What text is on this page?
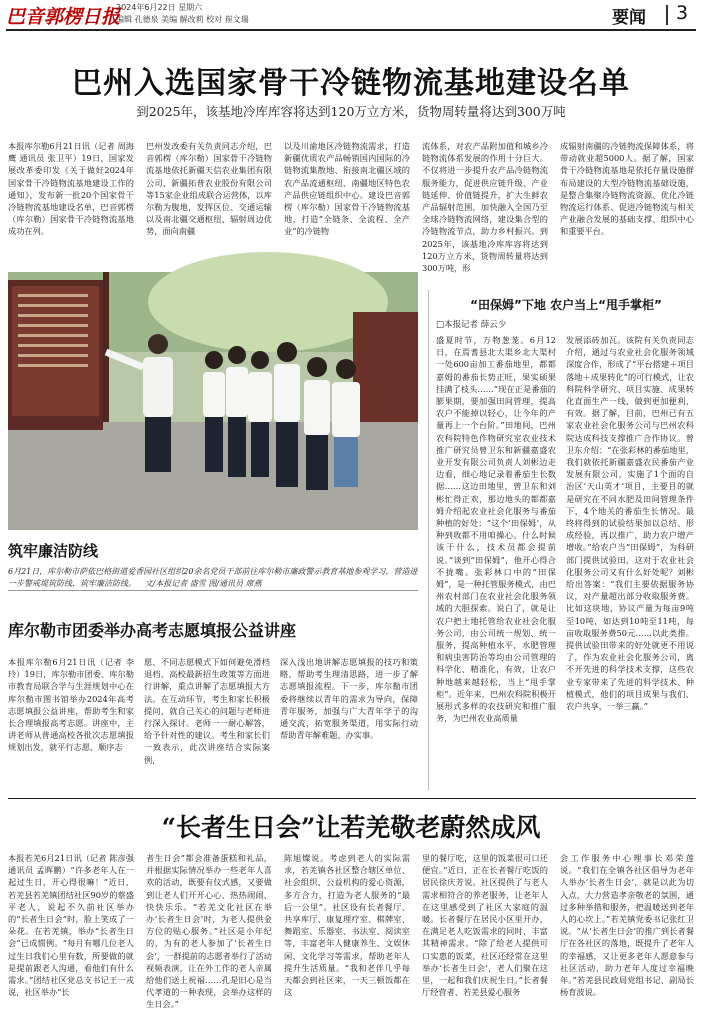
巴音郭楞日报
2024年6月22日 星期六
编辑 孔德泉 美编 解改莉 校对 崔文瑞	要闻 3
巴州入选国家骨干冷链物流基地建设名单
到2025年，该基地冷库库容将达到120万立方米，货物周转量将达到300万吨
本报库尔勒6月21日讯（记者 周海鹰 通讯员 张卫平）19日，国家发展改革委印发《关于做好2024年国家骨干冷链物流基地建设工作的通知》，发布新一批20个国家骨干冷链物流基地建设名单，巴音郭楞（库尔勒）国家骨干冷链物流基地成功在列。
巴州发改委有关负责同志介绍，巴音郭楞（库尔勒）国家骨干冷链物流基地依托新疆天信农业集团有限公司、新疆拓普农业股份有限公司等15家企业组成联合运营体，以库尔勒为腹地，发挥区位、交通运输以及南北疆交通枢纽、辐射周边优势，面向南疆
以及川渝地区冷链物流需求，打造新疆优质农产品畅销国内国际的冷链物流集散地、衔接南北疆区域的农产品流通枢纽、南疆地区特色农产品供应链组织中心。建设巴音郭楞（库尔勒）国家骨干冷链物流基地，打造“全链条、全流程、全产业”的冷链物
流体系，对农产品附加值和城乡冷链物流体系发展的作用十分巨大。不仅将进一步提升农产品冷链物流服务能力，促进供应链升级、产业链延伸、价值链提升，扩大生鲜农产品辐射范围，加快融入全国乃至全球冷链物流网络，建设集合型的冷链物流节点，助力乡村振兴。到2025年，该基地冷库库容将达到120万立方米，货物周转量将达到300万吨，形
成辐射南疆的冷链物流保障体系，将带动就业超5000人。据了解，国家骨干冷链物流基地是依托存量设施群布局建设的大型冷链物流基础设施，是整合集聚冷链物流资源、优化冷链物流运行体系、促进冷链物流与相关产业融合发展的基础支撑、组织中心和重要平台。
筑牢廉洁防线
6月21日，库尔勒市萨依巴格街道爱香园社区组织20余名党员干部前往库尔勒市廉政警示教育基地参观学习，营造进一步警戒堤筑防线，筑牢廉洁防线。 文/本报记者 盛雪 图/通讯员 席燕
库尔勒市团委举办高考志愿填报公益讲座
本报库尔勒6月21日讯（记者 李玲）19日，库尔勒市团委、库尔勒市教育局联合学与生涯规划中心在库尔勒市图书馆举办2024年高考志愿填报公益讲座，帮助考生和家长合理填报高考志愿。讲座中，主讲老师从普通高校各批次志愿填报规划出发，就平行志愿、顺序志
愿、不同志愿模式下如何避免滑档退档、高校最新招生政策等方面进行讲解，重点讲解了志愿填报大方法。在互动环节，考生和家长积极提问，就自己关心的问题与老师进行深入探讨。老师一一耐心解答，给予针对性的建议。考生和家长们一致表示，此次讲座结合实际案例，
深入浅出地讲解志愿填报的技巧和策略，帮助考生理清思路，进一步了解志愿填报流程。下一步，库尔勒市团委将继续以青年的需求为导向，保障青年服务，加强与广大青年学子的沟通交流，拓宽服务渠道，用实际行动帮助青年解难题、办实事。
“田保姆”下地 农户当上“甩手掌柜”
□本报记者 薛云少
盛夏时节，万物葱茏。6月12日，在焉耆县北大渠乡北大渠村一处600亩加工番茄地里，都都嘉姆的番茄长势正旺，果实硕果挂满了枝头……“现在正是番茄的膨果期，要加强田间管理，提高农户不能掉以轻心，让今年的产量再上一个台阶。”田地间，巴州农科院特色作物研究室农业技术推广研究员曾卫东和新疆嘉盛农业开发有限公司负责人刘彬边走边看，细心地记录着番茄生长数据……这边田地里，曾卫东和刘彬忙得正欢，那边地头的都都嘉姆介绍起农业社会化服务与番茄种植的好处：“这个‘田保姆’，从种到收都不用咱操心。什么时候该干什么，技术员都会提前说。”谈到“田保姆”，他开心得合不拢嘴。张彩林口中的“田保姆”，是一种托管服务模式，由巴州农村部门在农业社会化服务领域的大胆探索。说白了，就是让农户把土地托管给农业社会化服务公司，由公司统一规划、统一服务，提高种植水平，水肥管理和病虫害防治等均由公司管理的科学化、精准化，有效，让农户种地越来越轻松，当上“甩手掌柜”。近年来，巴州农科院积极开展形式多样的农技研究和推广服务，为巴州农业高质量
发展添砖加瓦。该院有关负责同志介绍，通过与农业社会化服务领域深度合作，形成了“平台搭建＋项目落地＋成果转化”的可行模式，让农科院科学研究、项目实施、成果转化直面生产一线，做到更加便利、有效。据了解，目前，巴州已有五家农业社会化服务公司与巴州农科院达成科技支撑推广合作协议。曾卫东介绍：“在张彩林的番茄地里，我们就依托新疆嘉盛农民番茄产业发展有限公司，实施了1个面的自治区‘天山英才’项目，主要目的就是研究在不同水肥及田间管理条件下，4个地关的番茄生长情况。最终将得到的试验结果加以总结、形成经验，再以推广，助力农户增产增收。”给农户当“田保姆”，为科研部门提供试验田，这对于农业社会化服务公司又有什么好处呢？刘彬给出答案：“我们主要依据服务协议，对产量超出部分收取服务费。比如这块地，协议产量为每亩9吨至10吨，如达到10吨至11吨，每亩收取服务费50元……以此类推。提供试验田带来的好处就更不用说了，作为农业社会化服务公司，离不开先进的科学技术支撑，这些农业专家带来了先进的科学技术、种植模式，他们的项目成果与我们、农户共享，一举三赢。”
“长者生日会”让若羌敬老蔚然成风
本报若羌6月21日讯（记者 陈彦强 通讯员 孟晖鹏）“许多老年人在一起过生日，开心得很嘛！”近日，若羌县若羌镇团结社区90岁的蔡盛平老人，说起不久前社区举办的“长者生日会”时，脸上笑成了一朵花。在若羌镇，举办“长者生日会”已成惯例。“每月有哪几位老人过生日我们心里有数，所要做的就是提前跟老人沟通，看他们有什么需求。”团结社区党总支书记王一戎说，社区举办“长
者生日会”都会准备蛋糕和礼品，并根据实际情况举办一些老年人喜欢的活动，既要有仪式感，又要做到让老人们开开心心、热热闹闹、快快乐乐。“若羌文化社区在举办‘长者生日会’时，为老人提供金方位的贴心服务。”社区是小年纪的，为有的老人参加了‘长者生日会’，一群提前的志愿者举行了活动视频表演，让在外工作的老人亲属给他们送上祝福……孔是旧心是当代孝道的一种表现，会举办这样的生日会。”
陈旭燦说。考虑到老人的实际需求，若羌镇各社区整合辖区单位、社会组织、公益机构的爱心资源，多方合力，打造为老人服务的“最后一公里”。社区设有长者餐厅、共享库厅、康复理疗室、棋牌室、舞蹈室、乐器室、书法室、阅读室等，丰富老年人健康养生、文娱休闲、文化学习等需求，帮助老年人提升生活质量。“我和老伴几乎每天都会到社区来，一天三顿饭都在这
里的餐厅吃，这里的饭菜很可口还便宜。”近日，正在长者餐厅吃饭的居民徐庆芳说。社区提供了与老人需求相符合的养老服务，让老年人在这里感受到了社区大家庭的温暖。长者餐厅在居民小区里开办，在满足老人吃饭需求的同时，丰富其精神需求。“除了给老人提供可口实惠的饭菜，社区还经常在这里举办‘长者生日会’，老人们聚在这里，一起和我们庆祝生日。”长者餐厅经营者、若羌县爱心服务
会工作服务中心理事长邓荣莲说。“我们在全镇各社区倡导为老年人举办‘长者生日会’，就是以此为切入点，大力营造孝亲敬老的氛围，通过多种举措和服务，把温暖送到老年人的心坎上。”若羌镇党委书记张红卫说。“从‘长者生日会’的推广到长者餐厅在各社区的落地，既提升了老年人的幸福感，又让更多老年人愿意参与社区活动，助力老年人度过幸福晚年。”若羌县民政局党组书记、副局长杨育波说。
